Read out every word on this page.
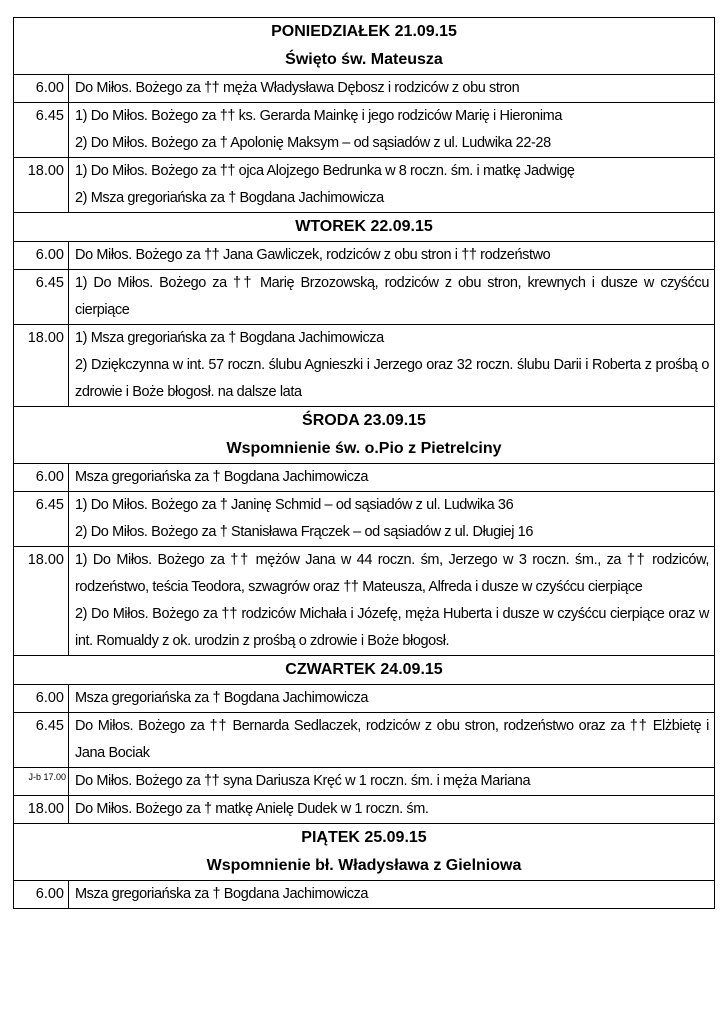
PONIEDZIAŁEK 21.09.15
Święto św. Mateusza	

6.00	Do Miłos. Bożego za †† męża Władysława Dębosz i rodziców z obu stron

6.45	1) Do Miłos. Bożego za †† ks. Gerarda Mainkę i jego rodziców Marię i Hieronima
2) Do Miłos. Bożego za † Apolonię Maksym – od sąsiadów z ul. Ludwika 22-28

18.00	1) Do Miłos. Bożego za †† ojca Alojzego Bedrunka w 8 roczn. śm. i matkę Jadwigę
2) Msza gregoriańska za † Bogdana Jachimowicza

WTOREK 22.09.15	

6.00	Do Miłos. Bożego za †† Jana Gawliczek, rodziców z obu stron i †† rodzeństwo

6.45	1) Do Miłos. Bożego za †† Marię Brzozowską, rodziców z obu stron, krewnych i dusze w czyśćcu cierpiące

18.00	1) Msza gregoriańska za † Bogdana Jachimowicza
2) Dziękczynna w int. 57 roczn. ślubu Agnieszki i Jerzego oraz 32 roczn. ślubu Darii i Roberta z prośbą o zdrowie i Boże błogosł. na dalsze lata

ŚRODA 23.09.15
Wspomnienie św. o.Pio z Pietrelciny	

6.00	Msza gregoriańska za † Bogdana Jachimowicza

6.45	1) Do Miłos. Bożego za † Janinę Schmid – od sąsiadów z ul. Ludwika 36
2) Do Miłos. Bożego za † Stanisława Frączek – od sąsiadów z ul. Długiej 16

18.00	1) Do Miłos. Bożego za †† mężów Jana w 44 roczn. śm, Jerzego w 3 roczn. śm., za †† rodziców, rodzeństwo, teścia Teodora, szwagrów oraz †† Mateusza, Alfreda i dusze w czyśćcu cierpiące
2) Do Miłos. Bożego za †† rodziców Michała i Józefę, męża Huberta i dusze w czyśćcu cierpiące oraz w int. Romualdy z ok. urodzin z prośbą o zdrowie i Boże błogosł.

CZWARTEK 24.09.15	

6.00	Msza gregoriańska za † Bogdana Jachimowicza

6.45	Do Miłos. Bożego za †† Bernarda Sedlaczek, rodziców z obu stron, rodzeństwo oraz za †† Elżbietę i Jana Bociak

J-b 17.00	Do Miłos. Bożego za †† syna Dariusza Kręć w 1 roczn. śm. i męża Mariana

18.00	Do Miłos. Bożego za † matkę Anielę Dudek w 1 roczn. śm.

PIĄTEK 25.09.15
Wspomnienie bł. Władysława z Gielniowa	

6.00	Msza gregoriańska za † Bogdana Jachimowicza
